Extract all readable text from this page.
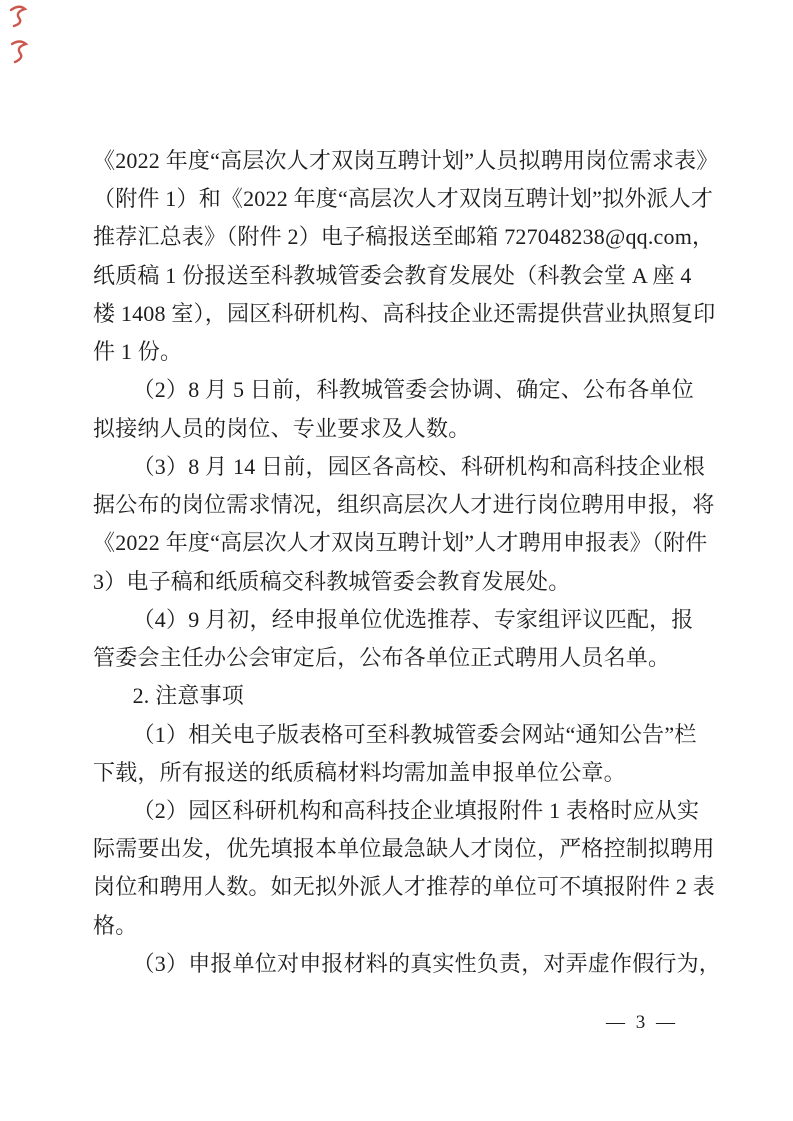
《2022 年度“高层次人才双岗互聘计划”人员拟聘用岗位需求表》
（附件 1）和《2022 年度“高层次人才双岗互聘计划”拟外派人才
推荐汇总表》（附件 2）电子稿报送至邮箱 727048238@qq.com，
纸质稿 1 份报送至科教城管委会教育发展处（科教会堂 A 座 4
楼 1408 室），园区科研机构、高科技企业还需提供营业执照复印
件 1 份。
（2）8 月 5 日前，科教城管委会协调、确定、公布各单位
拟接纳人员的岗位、专业要求及人数。
（3）8 月 14 日前，园区各高校、科研机构和高科技企业根
据公布的岗位需求情况，组织高层次人才进行岗位聘用申报，将
《2022 年度“高层次人才双岗互聘计划”人才聘用申报表》（附件
3）电子稿和纸质稿交科教城管委会教育发展处。
（4）9 月初，经申报单位优选推荐、专家组评议匹配，报
管委会主任办公会审定后，公布各单位正式聘用人员名单。
2. 注意事项
（1）相关电子版表格可至科教城管委会网站“通知公告”栏
下载，所有报送的纸质稿材料均需加盖申报单位公章。
（2）园区科研机构和高科技企业填报附件 1 表格时应从实
际需要出发，优先填报本单位最急缺人才岗位，严格控制拟聘用
岗位和聘用人数。如无拟外派人才推荐的单位可不填报附件 2 表
格。
（3）申报单位对申报材料的真实性负责，对弄虚作假行为，
— 3 —
